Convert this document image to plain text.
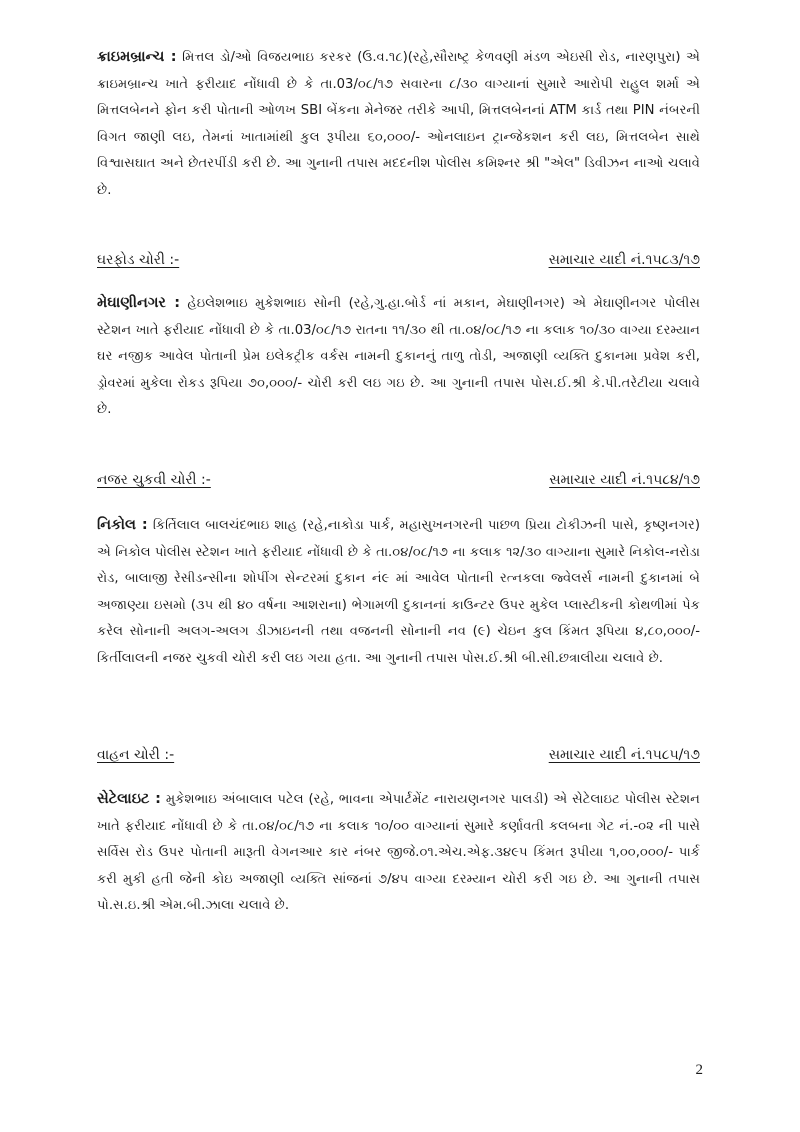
ક્રાઇમબ્રાન્ચ : મિત્તલ ડો/ઓ વિજયભાઇ કરકર (ઉ.વ.૧૮)(રહે,સૌરાષ્ટ્ર કેળવણી મંડળ એઇસી રોડ, નારણપુરા) એ ક્રાઇમબ્રાન્ચ ખાતે ફરીયાદ નોંધાવી છે કે તા.03/૦૮/૧૭ સવારના ૮/૩૦ વાગ્યાનાં સુમારે આરોપી રાહુલ શર્મા એ મિત્તલબેનને ફોન કરી પોતાની ઓળખ SBI બેંકના મેનેજર તરીકે આપી, મિત્તલબેનનાં ATM કાર્ડ તથા PIN નંબરની વિગત જાણી લઇ, તેમનાં ખાતામાંથી કુલ રૂપીયા ૬૦,૦૦૦/- ઓનલાઇન ટ્રાન્જેકશન કરી લઇ, મિત્તલબેન સાથે વિશ્વાસઘાત અને છેતરપીંડી કરી છે. આ ગુનાની તપાસ મદદનીશ પોલીસ કમિશ્નર શ્રી "એલ" ડિવીઝન નાઓ ચલાવે છે.

ઘરફોડ ચોરી :-	સમાચાર યાદી નં.૧૫૮૩/૧૭

મેઘાણીનગર : હેઇલેશભાઇ મુકેશભાઇ સોની (રહે,ગુ.હા.બોર્ડ નાં મકાન, મેઘાણીનગર) એ મેઘાણીનગર પોલીસ સ્ટેશન ખાતે ફરીયાદ નોંધાવી છે કે તા.03/૦૮/૧૭ રાતના ૧૧/૩૦ થી તા.૦૪/૦૮/૧૭ ના કલાક ૧૦/૩૦ વાગ્યા દરમ્યાન ઘર નજીક આવેલ પોતાની પ્રેમ ઇલેકટ્રીક વર્કસ નામની દુકાનનું તાળુ તોડી, અજાણી વ્યક્તિ દુકાનમા પ્રવેશ કરી, ડ્રોવરમાં મુકેલા રોકડ રૂપિયા ૭૦,૦૦૦/- ચોરી કરી લઇ ગઇ છે. આ ગુનાની તપાસ પોસ.ઈ.શ્રી કે.પી.તરેટીયા ચલાવે છે.

નજર ચુકવી ચોરી :-	સમાચાર યાદી નં.૧૫૮૪/૧૭

નિકોલ : કિર્તિલાલ બાલચંદભાઇ શાહ (રહે,નાકોડા પાર્ક, મહાસુખનગરની પાછળ પ્રિયા ટોકીઝની પાસે, કૃષ્ણનગર) એ નિકોલ પોલીસ સ્ટેશન ખાતે ફરીયાદ નોંધાવી છે કે તા.૦૪/૦૮/૧૭ ના કલાક ૧૨/૩૦ વાગ્યાના સુમારે નિકોલ-નરોડા રોડ, બાલાજી રેસીડન્સીના શોપીંગ સેન્ટરમાં દુકાન નં૯ માં આવેલ પોતાની રત્નકલા જ્વેલર્સ નામની દુકાનમાં બે અજાણ્યા ઇસમો (૩૫ થી ૪૦ વર્ષના આશરાના) ભેગામળી દુકાનનાં કાઉન્ટર ઉપર મુકેલ પ્લાસ્ટીકની કોથળીમાં પેક કરેલ સોનાની અલગ-અલગ ડીઝાઇનની તથા વજનની સોનાની નવ (૯) ચેઇન કુલ કિંમત રૂપિયા ૪,૮૦,૦૦૦/- કિર્તીલાલની નજર ચુકવી ચોરી કરી લઇ ગયા હતા. આ ગુનાની તપાસ પોસ.ઈ.શ્રી બી.સી.છત્રાલીયા ચલાવે છે.

વાહન ચોરી :-	સમાચાર યાદી નં.૧૫૮૫/૧૭

સેટેલાઇટ : મુકેશભાઇ અંબાલાલ પટેલ (રહે, ભાવના એપાર્ટમેંટ નારાયણનગર પાલડી) એ સેટેલાઇટ પોલીસ સ્ટેશન ખાતે ફરીયાદ નોંધાવી છે કે તા.૦૪/૦૮/૧૭ ના કલાક ૧૦/૦૦ વાગ્યાનાં સુમારે કર્ણાવતી કલબના ગેટ નં.-૦૨ ની પાસે સર્વિસ રોડ ઉપર પોતાની મારૂતી વેગનઆર કાર નંબર જીજે.૦૧.એચ.એફ.૩૪૯૫ કિંમત રૂપીયા ૧,૦૦,૦૦૦/- પાર્ક કરી મુકી હતી જેની કોઇ અજાણી વ્યક્તિ સાંજનાં ૭/૪૫ વાગ્યા દરમ્યાન ચોરી કરી ગઇ છે. આ ગુનાની તપાસ પો.સ.ઇ.શ્રી એમ.બી.ઝાલા ચલાવે છે.

2
